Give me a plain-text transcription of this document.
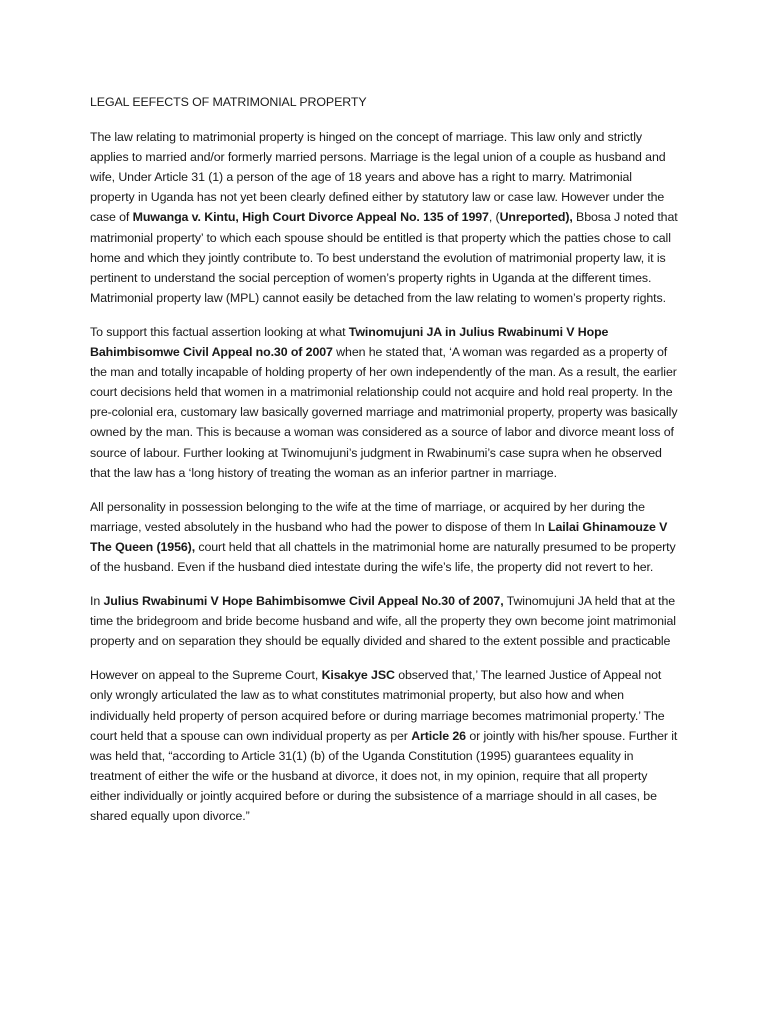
LEGAL EEFECTS OF MATRIMONIAL PROPERTY

The law relating to matrimonial property is hinged on the concept of marriage. This law only and strictly applies to married and/or formerly married persons. Marriage is the legal union of a couple as husband and wife, Under Article 31 (1) a person of the age of 18 years and above has a right to marry. Matrimonial property in Uganda has not yet been clearly defined either by statutory law or case law. However under the case of Muwanga v. Kintu, High Court Divorce Appeal No. 135 of 1997, (Unreported), Bbosa J noted that matrimonial property’ to which each spouse should be entitled is that property which the patties chose to call home and which they jointly contribute to. To best understand the evolution of matrimonial property law, it is pertinent to understand the social perception of women’s property rights in Uganda at the different times. Matrimonial property law (MPL) cannot easily be detached from the law relating to women’s property rights.

To support this factual assertion looking at what Twinomujuni JA in Julius Rwabinumi V Hope Bahimbisomwe Civil Appeal no.30 of 2007 when he stated that, ‘A woman was regarded as a property of the man and totally incapable of holding property of her own independently of the man. As a result, the earlier court decisions held that women in a matrimonial relationship could not acquire and hold real property. In the pre-colonial era, customary law basically governed marriage and matrimonial property, property was basically owned by the man. This is because a woman was considered as a source of labor and divorce meant loss of source of labour. Further looking at Twinomujuni’s judgment in Rwabinumi’s case supra when he observed that the law has a ‘long history of treating the woman as an inferior partner in marriage.

All personality in possession belonging to the wife at the time of marriage, or acquired by her during the marriage, vested absolutely in the husband who had the power to dispose of them In Lailai Ghinamouze V The Queen (1956), court held that all chattels in the matrimonial home are naturally presumed to be property of the husband. Even if the husband died intestate during the wife’s life, the property did not revert to her.

In Julius Rwabinumi V Hope Bahimbisomwe Civil Appeal No.30 of 2007, Twinomujuni JA held that at the time the bridegroom and bride become husband and wife, all the property they own become joint matrimonial property and on separation they should be equally divided and shared to the extent possible and practicable

However on appeal to the Supreme Court, Kisakye JSC observed that,’ The learned Justice of Appeal not only wrongly articulated the law as to what constitutes matrimonial property, but also how and when individually held property of person acquired before or during marriage becomes matrimonial property.’ The court held that a spouse can own individual property as per Article 26 or jointly with his/her spouse. Further it was held that, “according to Article 31(1) (b) of the Uganda Constitution (1995) guarantees equality in treatment of either the wife or the husband at divorce, it does not, in my opinion, require that all property either individually or jointly acquired before or during the subsistence of a marriage should in all cases, be shared equally upon divorce.”
